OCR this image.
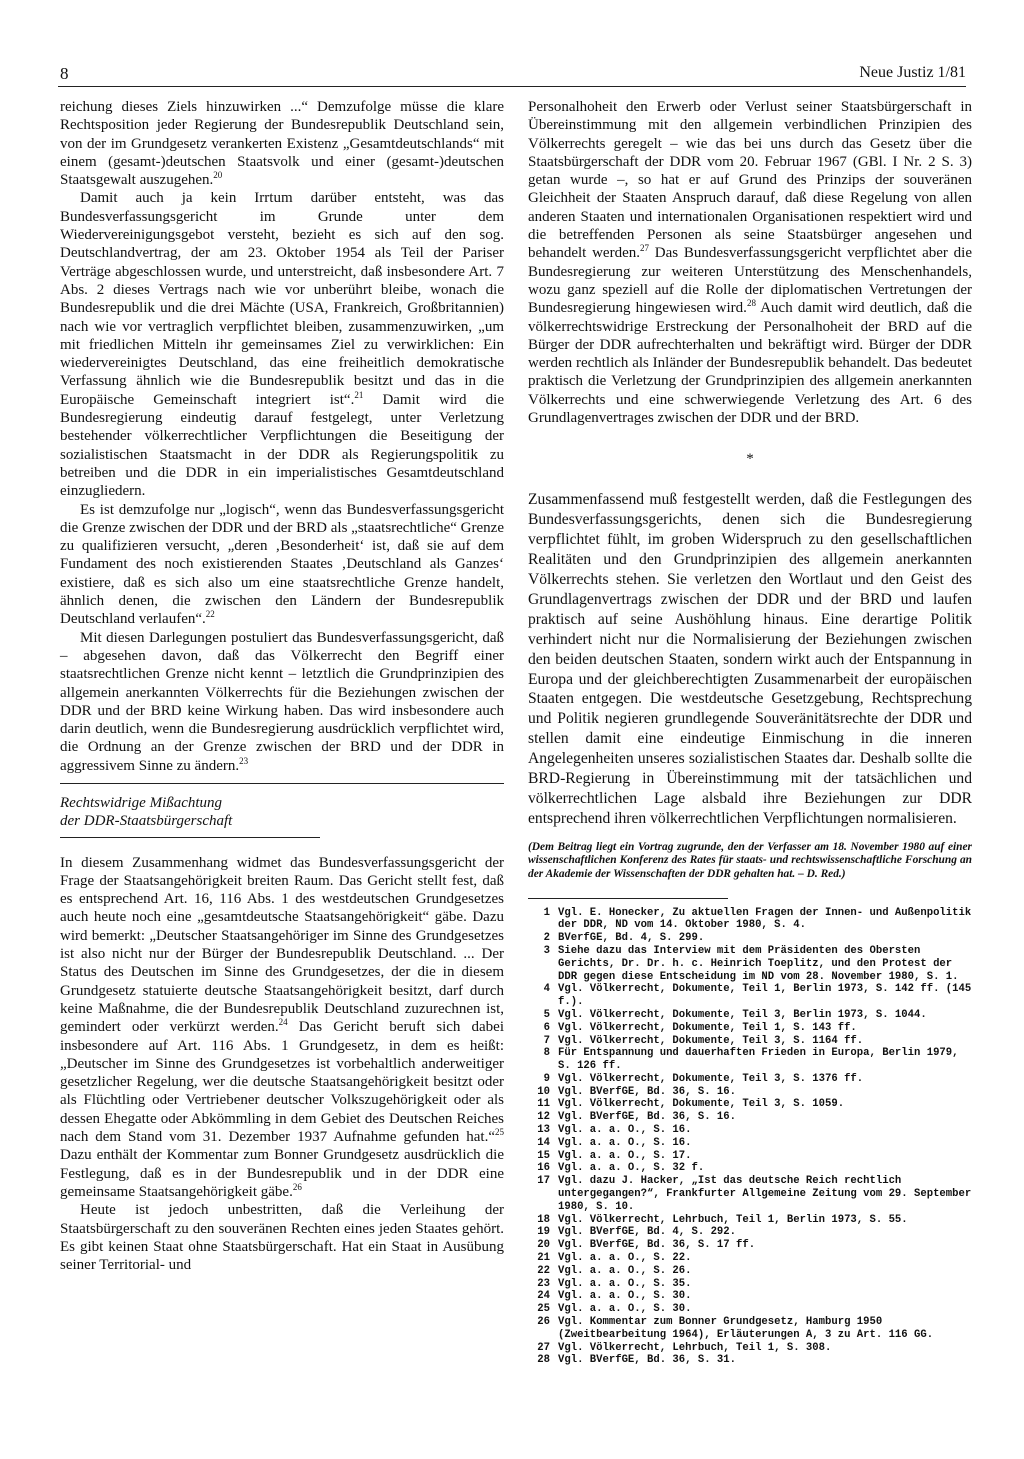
8	Neue Justiz 1/81

reichung dieses Ziels hinzuwirken ...“ Demzufolge müsse die klare Rechtsposition jeder Regierung der Bundesrepublik Deutschland sein, von der im Grundgesetz verankerten Existenz „Gesamtdeutschlands“ mit einem (gesamt-)deutschen Staatsvolk und einer (gesamt-)deutschen Staatsgewalt auszugehen.$^{20}$

Damit auch ja kein Irrtum darüber entsteht, was das Bundesverfassungsgericht im Grunde unter dem Wiedervereinigungsgebot versteht, bezieht es sich auf den sog. Deutschlandvertrag, der am 23. Oktober 1954 als Teil der Pariser Verträge abgeschlossen wurde, und unterstreicht, daß insbesondere Art. 7 Abs. 2 dieses Vertrags nach wie vor unberührt bleibe, wonach die Bundesrepublik und die drei Mächte (USA, Frankreich, Großbritannien) nach wie vor vertraglich verpflichtet bleiben, zusammenzuwirken, „um mit friedlichen Mitteln ihr gemeinsames Ziel zu verwirklichen: Ein wiedervereinigtes Deutschland, das eine freiheitlich demokratische Verfassung ähnlich wie die Bundesrepublik besitzt und das in die Europäische Gemeinschaft integriert ist“.$^{21}$ Damit wird die Bundesregierung eindeutig darauf festgelegt, unter Verletzung bestehender völkerrechtlicher Verpflichtungen die Beseitigung der sozialistischen Staatsmacht in der DDR als Regierungspolitik zu betreiben und die DDR in ein imperialistisches Gesamtdeutschland einzugliedern.

Es ist demzufolge nur „logisch“, wenn das Bundesverfassungsgericht die Grenze zwischen der DDR und der BRD als „staatsrechtliche“ Grenze zu qualifizieren versucht, „deren ‚Besonderheit‘ ist, daß sie auf dem Fundament des noch existierenden Staates ‚Deutschland als Ganzes‘ existiere, daß es sich also um eine staatsrechtliche Grenze handelt, ähnlich denen, die zwischen den Ländern der Bundesrepublik Deutschland verlaufen“.$^{22}$

Mit diesen Darlegungen postuliert das Bundesverfassungsgericht, daß – abgesehen davon, daß das Völkerrecht den Begriff einer staatsrechtlichen Grenze nicht kennt – letztlich die Grundprinzipien des allgemein anerkannten Völkerrechts für die Beziehungen zwischen der DDR und der BRD keine Wirkung haben. Das wird insbesondere auch darin deutlich, wenn die Bundesregierung ausdrücklich verpflichtet wird, die Ordnung an der Grenze zwischen der BRD und der DDR in aggressivem Sinne zu ändern.$^{23}$

Rechtswidrige Mißachtung
der DDR-Staatsbürgerschaft

In diesem Zusammenhang widmet das Bundesverfassungsgericht der Frage der Staatsangehörigkeit breiten Raum. Das Gericht stellt fest, daß es entsprechend Art. 16, 116 Abs. 1 des westdeutschen Grundgesetzes auch heute noch eine „gesamtdeutsche Staatsangehörigkeit“ gäbe. Dazu wird bemerkt: „Deutscher Staatsangehöriger im Sinne des Grundgesetzes ist also nicht nur der Bürger der Bundesrepublik Deutschland. ... Der Status des Deutschen im Sinne des Grundgesetzes, der die in diesem Grundgesetz statuierte deutsche Staatsangehörigkeit besitzt, darf durch keine Maßnahme, die der Bundesrepublik Deutschland zuzurechnen ist, gemindert oder verkürzt werden.$^{24}$ Das Gericht beruft sich dabei insbesondere auf Art. 116 Abs. 1 Grundgesetz, in dem es heißt: „Deutscher im Sinne des Grundgesetzes ist vorbehaltlich anderweitiger gesetzlicher Regelung, wer die deutsche Staatsangehörigkeit besitzt oder als Flüchtling oder Vertriebener deutscher Volkszugehörigkeit oder als dessen Ehegatte oder Abkömmling in dem Gebiet des Deutschen Reiches nach dem Stand vom 31. Dezember 1937 Aufnahme gefunden hat.“$^{25}$ Dazu enthält der Kommentar zum Bonner Grundgesetz ausdrücklich die Festlegung, daß es in der Bundesrepublik und in der DDR eine gemeinsame Staatsangehörigkeit gäbe.$^{26}$

Heute ist jedoch unbestritten, daß die Verleihung der Staatsbürgerschaft zu den souveränen Rechten eines jeden Staates gehört. Es gibt keinen Staat ohne Staatsbürgerschaft. Hat ein Staat in Ausübung seiner Territorial- und

Personalhoheit den Erwerb oder Verlust seiner Staatsbürgerschaft in Übereinstimmung mit den allgemein verbindlichen Prinzipien des Völkerrechts geregelt – wie das bei uns durch das Gesetz über die Staatsbürgerschaft der DDR vom 20. Februar 1967 (GBl. I Nr. 2 S. 3) getan wurde –, so hat er auf Grund des Prinzips der souveränen Gleichheit der Staaten Anspruch darauf, daß diese Regelung von allen anderen Staaten und internationalen Organisationen respektiert wird und die betreffenden Personen als seine Staatsbürger angesehen und behandelt werden.$^{27}$ Das Bundesverfassungsgericht verpflichtet aber die Bundesregierung zur weiteren Unterstützung des Menschenhandels, wozu ganz speziell auf die Rolle der diplomatischen Vertretungen der Bundesregierung hingewiesen wird.$^{28}$ Auch damit wird deutlich, daß die völkerrechtswidrige Erstreckung der Personalhoheit der BRD auf die Bürger der DDR aufrechterhalten und bekräftigt wird. Bürger der DDR werden rechtlich als Inländer der Bundesrepublik behandelt. Das bedeutet praktisch die Verletzung der Grundprinzipien des allgemein anerkannten Völkerrechts und eine schwerwiegende Verletzung des Art. 6 des Grundlagenvertrages zwischen der DDR und der BRD.

*

Zusammenfassend muß festgestellt werden, daß die Festlegungen des Bundesverfassungsgerichts, denen sich die Bundesregierung verpflichtet fühlt, im groben Widerspruch zu den gesellschaftlichen Realitäten und den Grundprinzipien des allgemein anerkannten Völkerrechts stehen. Sie verletzen den Wortlaut und den Geist des Grundlagenvertrags zwischen der DDR und der BRD und laufen praktisch auf seine Aushöhlung hinaus. Eine derartige Politik verhindert nicht nur die Normalisierung der Beziehungen zwischen den beiden deutschen Staaten, sondern wirkt auch der Entspannung in Europa und der gleichberechtigten Zusammenarbeit der europäischen Staaten entgegen. Die westdeutsche Gesetzgebung, Rechtsprechung und Politik negieren grundlegende Souveränitätsrechte der DDR und stellen damit eine eindeutige Einmischung in die inneren Angelegenheiten unseres sozialistischen Staates dar. Deshalb sollte die BRD-Regierung in Übereinstimmung mit der tatsächlichen und völkerrechtlichen Lage alsbald ihre Beziehungen zur DDR entsprechend ihren völkerrechtlichen Verpflichtungen normalisieren.

(Dem Beitrag liegt ein Vortrag zugrunde, den der Verfasser am 18. November 1980 auf einer wissenschaftlichen Konferenz des Rates für staats- und rechtswissenschaftliche Forschung an der Akademie der Wissenschaften der DDR gehalten hat. – D. Red.)

1 Vgl. E. Honecker, Zu aktuellen Fragen der Innen- und Außenpolitik der DDR, ND vom 14. Oktober 1980, S. 4.
2 BVerfGE, Bd. 4, S. 299.
3 Siehe dazu das Interview mit dem Präsidenten des Obersten Gerichts, Dr. Dr. h. c. Heinrich Toeplitz, und den Protest der DDR gegen diese Entscheidung im ND vom 28. November 1980, S. 1.
4 Vgl. Völkerrecht, Dokumente, Teil 1, Berlin 1973, S. 142 ff. (145 f.).
5 Vgl. Völkerrecht, Dokumente, Teil 3, Berlin 1973, S. 1044.
6 Vgl. Völkerrecht, Dokumente, Teil 1, S. 143 ff.
7 Vgl. Völkerrecht, Dokumente, Teil 3, S. 1164 ff.
8 Für Entspannung und dauerhaften Frieden in Europa, Berlin 1979, S. 126 ff.
9 Vgl. Völkerrecht, Dokumente, Teil 3, S. 1376 ff.
10 Vgl. BVerfGE, Bd. 36, S. 16.
11 Vgl. Völkerrecht, Dokumente, Teil 3, S. 1059.
12 Vgl. BVerfGE, Bd. 36, S. 16.
13 Vgl. a. a. O., S. 16.
14 Vgl. a. a. O., S. 16.
15 Vgl. a. a. O., S. 17.
16 Vgl. a. a. O., S. 32 f.
17 Vgl. dazu J. Hacker, „Ist das deutsche Reich rechtlich untergegangen?“, Frankfurter Allgemeine Zeitung vom 29. September 1980, S. 10.
18 Vgl. Völkerrecht, Lehrbuch, Teil 1, Berlin 1973, S. 55.
19 Vgl. BVerfGE, Bd. 4, S. 292.
20 Vgl. BVerfGE, Bd. 36, S. 17 ff.
21 Vgl. a. a. O., S. 22.
22 Vgl. a. a. O., S. 26.
23 Vgl. a. a. O., S. 35.
24 Vgl. a. a. O., S. 30.
25 Vgl. a. a. O., S. 30.
26 Vgl. Kommentar zum Bonner Grundgesetz, Hamburg 1950 (Zweitbearbeitung 1964), Erläuterungen A, 3 zu Art. 116 GG.
27 Vgl. Völkerrecht, Lehrbuch, Teil 1, S. 308.
28 Vgl. BVerfGE, Bd. 36, S. 31.
